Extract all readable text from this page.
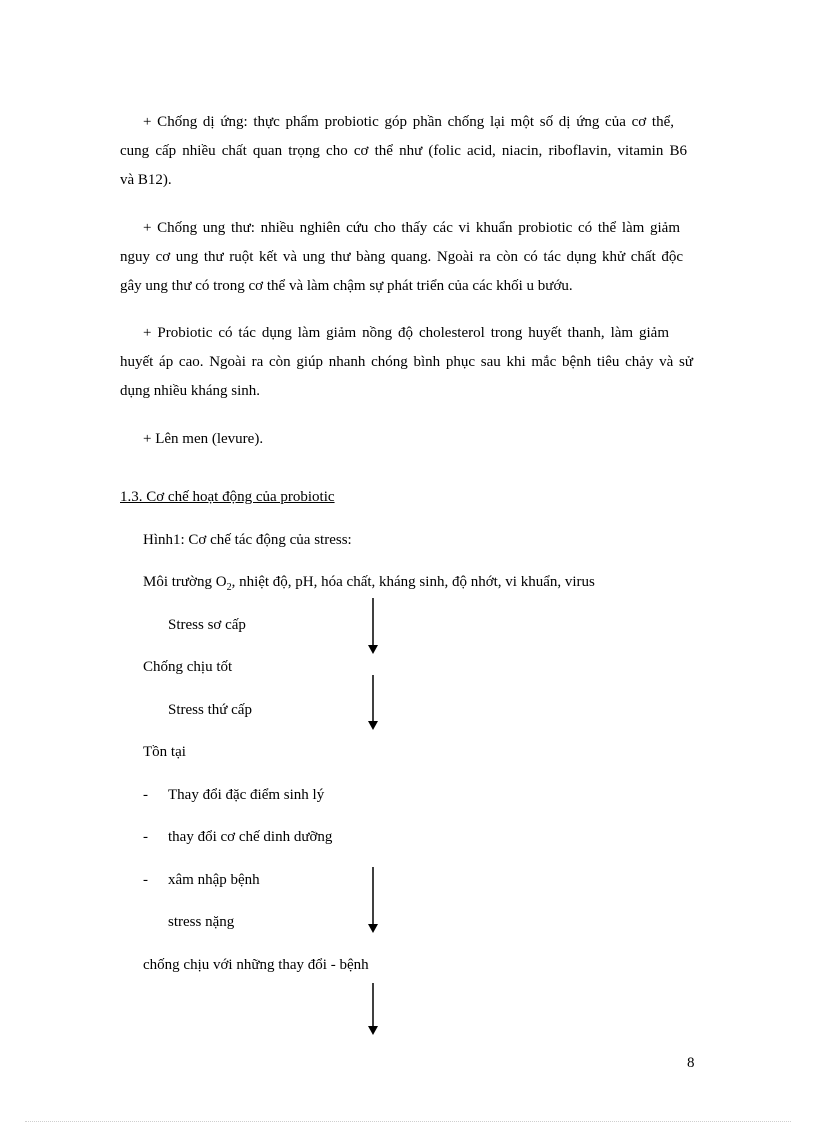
+ Chống dị ứng: thực phẩm probiotic góp phần chống lại một số dị ứng của cơ thể,
cung cấp nhiều chất quan trọng cho cơ thể như (folic acid, niacin, riboflavin, vitamin B6
và B12).
+ Chống ung thư: nhiều nghiên cứu cho thấy các vi khuẩn probiotic có thể làm giảm
nguy cơ ung thư ruột kết và ung thư bàng quang. Ngoài ra còn có tác dụng khử chất độc
gây ung thư có trong cơ thể và làm chậm sự phát triển của các khối u bướu.
+ Probiotic có tác dụng làm giảm nồng độ cholesterol trong huyết thanh, làm giảm
huyết áp cao. Ngoài ra còn giúp nhanh chóng bình phục sau khi mắc bệnh tiêu chảy và sử
dụng nhiều kháng sinh.
+ Lên men (levure).
1.3. Cơ chế hoạt động của probiotic
Hình1: Cơ chế tác động của stress:
Môi trường $O_2$, nhiệt độ, pH, hóa chất, kháng sinh, độ nhớt, vi khuẩn, virus
Stress sơ cấp
Chống chịu tốt
Stress thứ cấp
Tồn tại
- Thay đổi đặc điểm sinh lý
- thay đổi cơ chế dinh dưỡng
- xâm nhập bệnh
stress nặng
chống chịu với những thay đổi - bệnh
8
